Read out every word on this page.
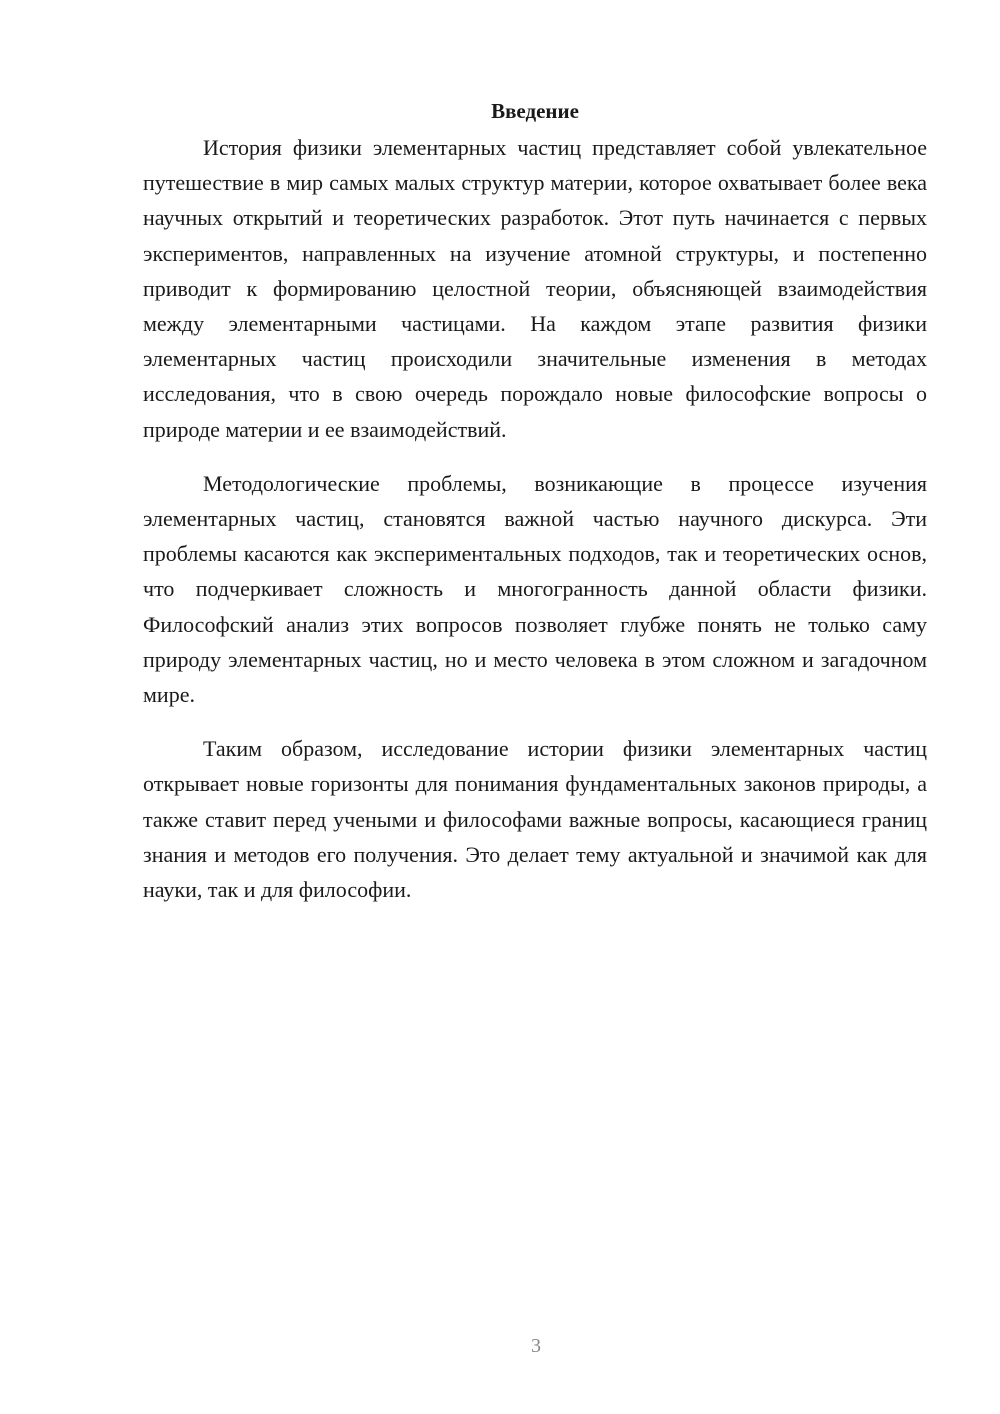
Введение

История физики элементарных частиц представляет собой увлекательное путешествие в мир самых малых структур материи, которое охватывает более века научных открытий и теоретических разработок. Этот путь начинается с первых экспериментов, направленных на изучение атомной структуры, и постепенно приводит к формированию целостной теории, объясняющей взаимодействия между элементарными частицами. На каждом этапе развития физики элементарных частиц происходили значительные изменения в методах исследования, что в свою очередь порождало новые философские вопросы о природе материи и ее взаимодействий.

Методологические проблемы, возникающие в процессе изучения элементарных частиц, становятся важной частью научного дискурса. Эти проблемы касаются как экспериментальных подходов, так и теоретических основ, что подчеркивает сложность и многогранность данной области физики. Философский анализ этих вопросов позволяет глубже понять не только саму природу элементарных частиц, но и место человека в этом сложном и загадочном мире.

Таким образом, исследование истории физики элементарных частиц открывает новые горизонты для понимания фундаментальных законов природы, а также ставит перед учеными и философами важные вопросы, касающиеся границ знания и методов его получения. Это делает тему актуальной и значимой как для науки, так и для философии.

3
